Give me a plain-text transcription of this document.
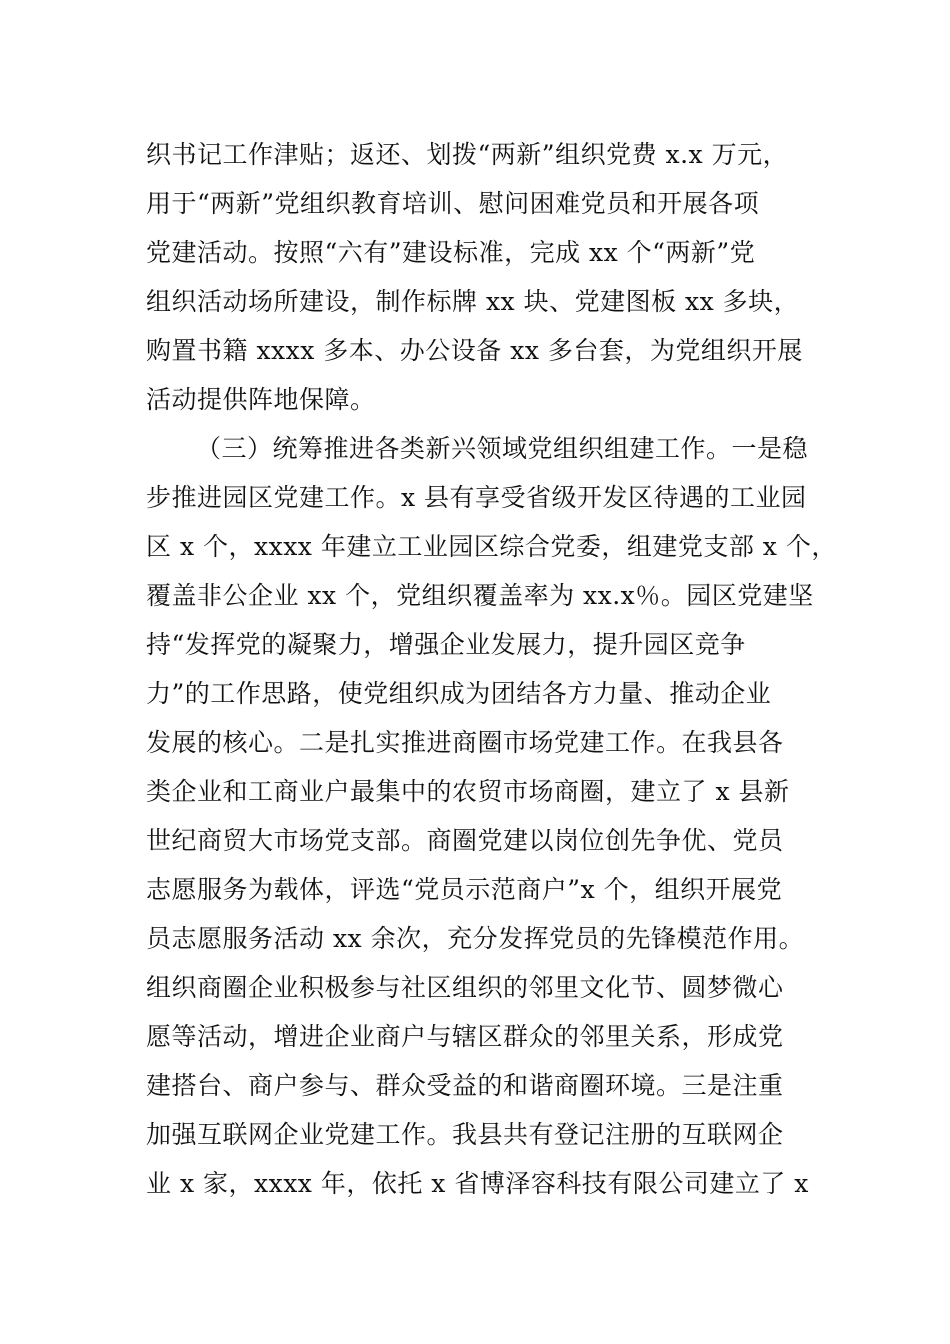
织书记工作津贴；返还、划拨“两新”组织党费 x.x 万元，
用于“两新”党组织教育培训、慰问困难党员和开展各项
党建活动。按照“六有”建设标准，完成 xx 个“两新”党
组织活动场所建设，制作标牌 xx 块、党建图板 xx 多块，
购置书籍 xxxx 多本、办公设备 xx 多台套，为党组织开展
活动提供阵地保障。
（三）统筹推进各类新兴领域党组织组建工作。一是稳
步推进园区党建工作。x 县有享受省级开发区待遇的工业园
区 x 个，xxxx 年建立工业园区综合党委，组建党支部 x 个，
覆盖非公企业 xx 个，党组织覆盖率为 xx.x％。园区党建坚
持“发挥党的凝聚力，增强企业发展力，提升园区竞争
力”的工作思路，使党组织成为团结各方力量、推动企业
发展的核心。二是扎实推进商圈市场党建工作。在我县各
类企业和工商业户最集中的农贸市场商圈，建立了 x 县新
世纪商贸大市场党支部。商圈党建以岗位创先争优、党员
志愿服务为载体，评选“党员示范商户”x 个，组织开展党
员志愿服务活动 xx 余次，充分发挥党员的先锋模范作用。
组织商圈企业积极参与社区组织的邻里文化节、圆梦微心
愿等活动，增进企业商户与辖区群众的邻里关系，形成党
建搭台、商户参与、群众受益的和谐商圈环境。三是注重
加强互联网企业党建工作。我县共有登记注册的互联网企
业 x 家，xxxx 年，依托 x 省博泽容科技有限公司建立了 x
